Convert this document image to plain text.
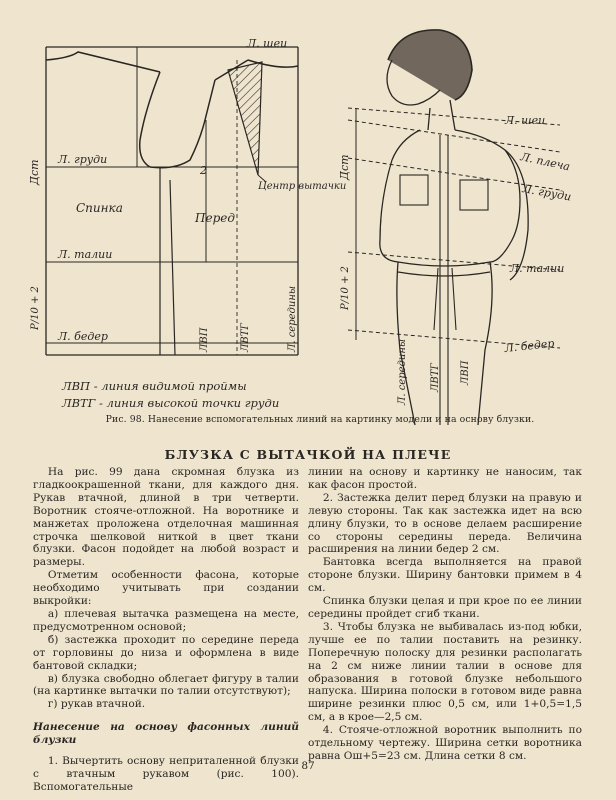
Л. шеи
Л. груди
Спинка
Перед
Л. талии
Л. бедер
Центр вытачки
2
Дст
P/10 + 2
ЛВП	ЛВТГ	Л. середины
ЛВП - линия видимой проймы
ЛВТГ - линия высокой точки груди
Л. шеи
Л. плеча
Л. груди
Л. талии
Л. бедер
Дст
P/10 + 2
Л. середины ЛВТГ ЛВП
Рис. 98. Нанесение вспомогательных линий на картинку модели и на основу блузки.
БЛУЗКА С ВЫТАЧКОЙ НА ПЛЕЧЕ

На рис. 99 дана скромная блузка из гладкоокрашенной ткани, для каждого дня. Рукав втачной, длиной в три четверти. Воротник стояче-отложной. На воротнике и манжетах проложена отделочная машинная строчка шелковой ниткой в цвет ткани блузки. Фасон подойдет на любой возраст и размеры.

Отметим особенности фасона, которые необходимо учитывать при создании выкройки:

а) плечевая вытачка размещена на месте, предусмотренном основой;

б) застежка проходит по середине переда от горловины до низа и оформлена в виде бантовой складки;

в) блузка свободно облегает фигуру в талии (на картинке вытачки по талии отсутствуют);

г) рукав втачной.

Нанесение на основу фасонных линий блузки

1. Вычертить основу неприталенной блузки с втачным рукавом (рис. 100). Вспомогательные

линии на основу и картинку не наносим, так как фасон простой.

2. Застежка делит перед блузки на правую и левую стороны. Так как застежка идет на всю длину блузки, то в основе делаем расширение со стороны середины переда. Величина расширения на линии бедер 2 см.

Бантовка всегда выполняется на правой стороне блузки. Ширину бантовки примем в 4 см.

Спинка блузки целая и при крое по ее линии середины пройдет сгиб ткани.

3. Чтобы блузка не выбивалась из-под юбки, лучше ее по талии поставить на резинку. Поперечную полоску для резинки располагать на 2 см ниже линии талии в основе для образования в готовой блузке небольшого напуска. Ширина полоски в готовом виде равна ширине резинки плюс 0,5 см, или 1+0,5=1,5 см, а в крое—2,5 см.

4. Стояче-отложной воротник выполнить по отдельному чертежу. Ширина сетки воротника равна Ош+5=23 см. Длина сетки 8 см.

87
